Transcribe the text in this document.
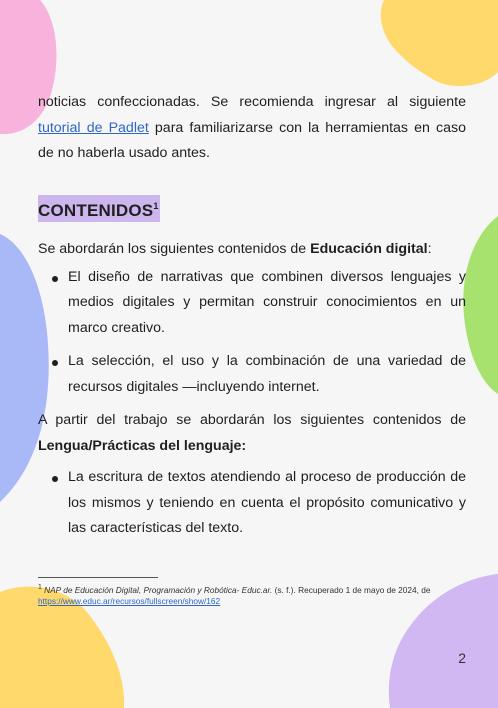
noticias confeccionadas. Se recomienda ingresar al siguiente tutorial de Padlet para familiarizarse con la herramientas en caso de no haberla usado antes.

CONTENIDOS$^1$

Se abordarán los siguientes contenidos de Educación digital:

El diseño de narrativas que combinen diversos lenguajes y medios digitales y permitan construir conocimientos en un marco creativo.
La selección, el uso y la combinación de una variedad de recursos digitales —incluyendo internet.

A partir del trabajo se abordarán los siguientes contenidos de Lengua/Prácticas del lenguaje:

La escritura de textos atendiendo al proceso de producción de los mismos y teniendo en cuenta el propósito comunicativo y las características del texto.
$^1$ NAP de Educación Digital, Programación y Robótica- Educ.ar. (s. f.). Recuperado 1 de mayo de 2024, de https://www.educ.ar/recursos/fullscreen/show/162
2
